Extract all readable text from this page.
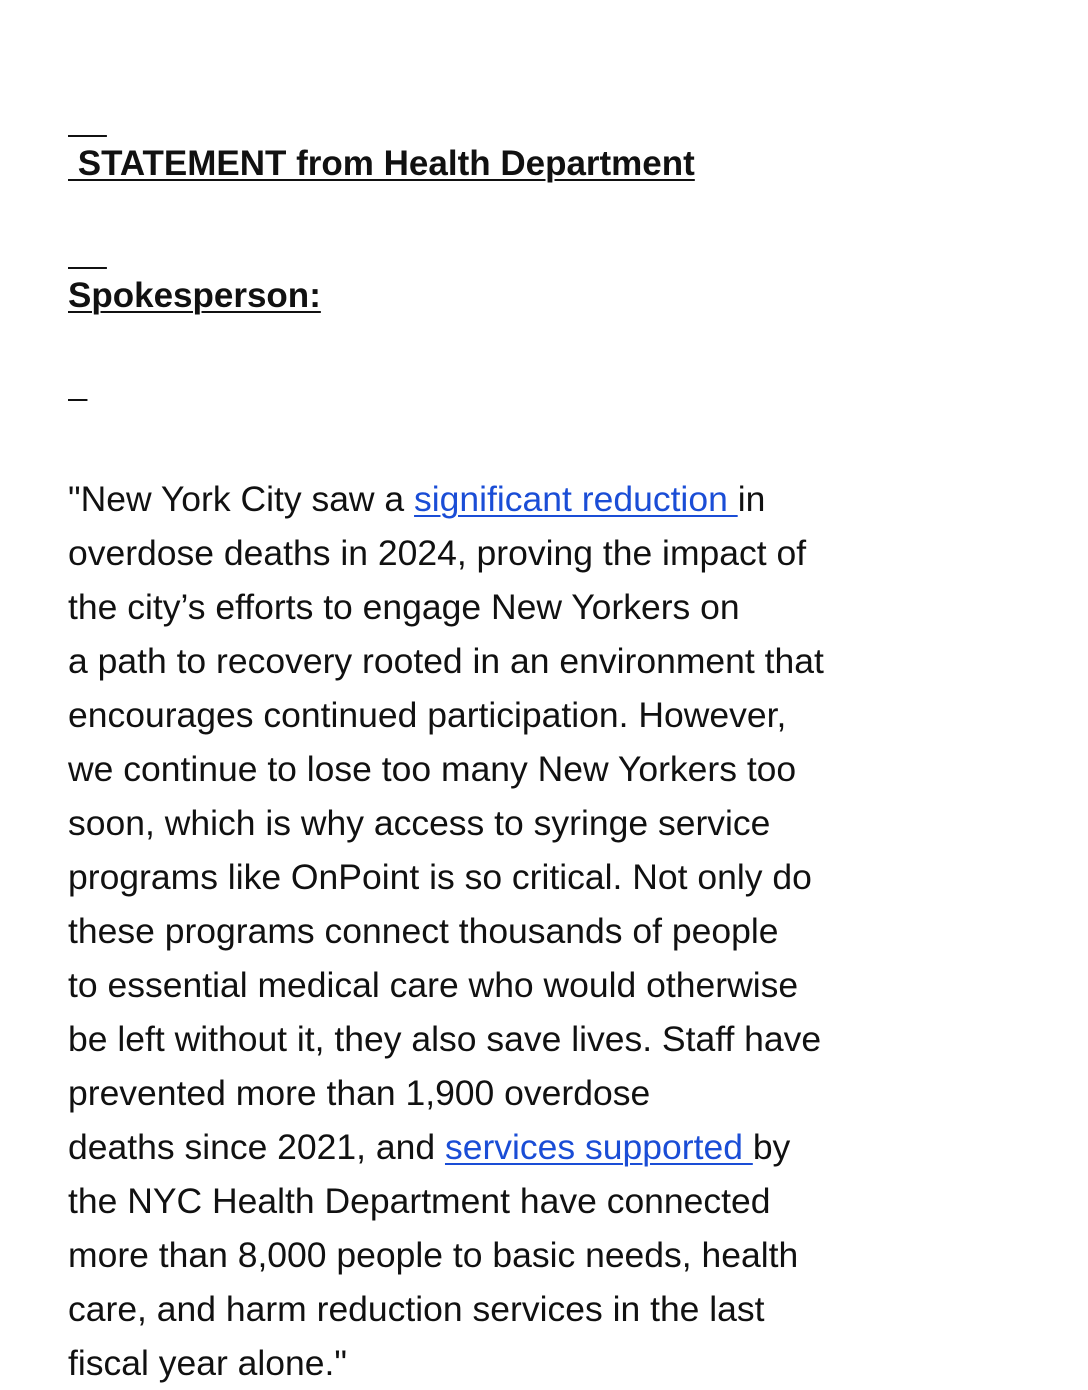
STATEMENT from Health Department

Spokesperson:

"New York City saw a significant reduction in
overdose deaths in 2024, proving the impact of
the city’s efforts to engage New Yorkers on
a path to recovery rooted in an environment that
encourages continued participation. However,
we continue to lose too many New Yorkers too
soon, which is why access to syringe service
programs like OnPoint is so critical. Not only do
these programs connect thousands of people
to essential medical care who would otherwise
be left without it, they also save lives. Staff have
prevented more than 1,900 overdose
deaths since 2021, and services supported by
the NYC Health Department have connected
more than 8,000 people to basic needs, health
care, and harm reduction services in the last
fiscal year alone."
